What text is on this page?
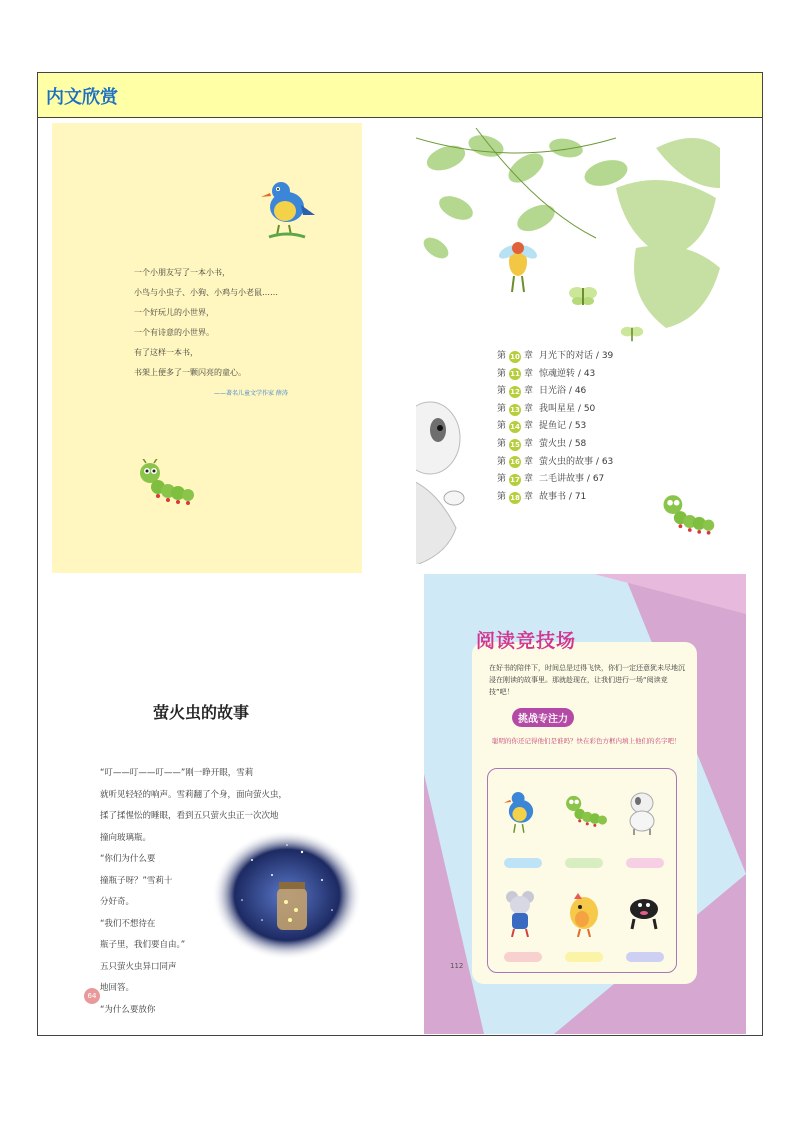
内文欣赏
一个小朋友写了一本小书，
小鸟与小虫子、小狗、小鸡与小老鼠……
一个好玩儿的小世界，
一个有诗意的小世界。
有了这样一本书，
书架上便多了一颗闪亮的童心。
——著名儿童文学作家 薛涛
第 10 章 月光下的对话
/ 39
第 11 章 惊魂逆转
/ 43
第 12 章 日光浴
/ 46
第 13 章 我叫星星
/ 50
第 14 章 捉鱼记
/ 53
第 15 章 萤火虫
/ 58
第 16 章 萤火虫的故事
/ 63
第 17 章 二毛讲故事
/ 67
第 18 章 故事书
/ 71
萤火虫的故事
“叮——叮——叮——”刚一睁开眼，雪莉
就听见轻轻的响声。雪莉翻了个身，面向萤火虫，
揉了揉惺忪的睡眼，看到五只萤火虫正一次次地
撞向玻璃瓶。
“你们为什么要
撞瓶子呀？”雪莉十
分好奇。
“我们不想待在
瓶子里，我们要自由。”
五只萤火虫异口同声
地回答。
“为什么要放你
64
在好书的陪伴下，时间总是过得飞快，你们一定还意犹未尽地沉浸在刚读的故事里。那就趁现在，让我们进行一场“阅读竞技”吧！
挑战专注力
聪明的你还记得他们是谁吗？快在彩色方框内填上他们的名字吧！
阅读竞技场
112
